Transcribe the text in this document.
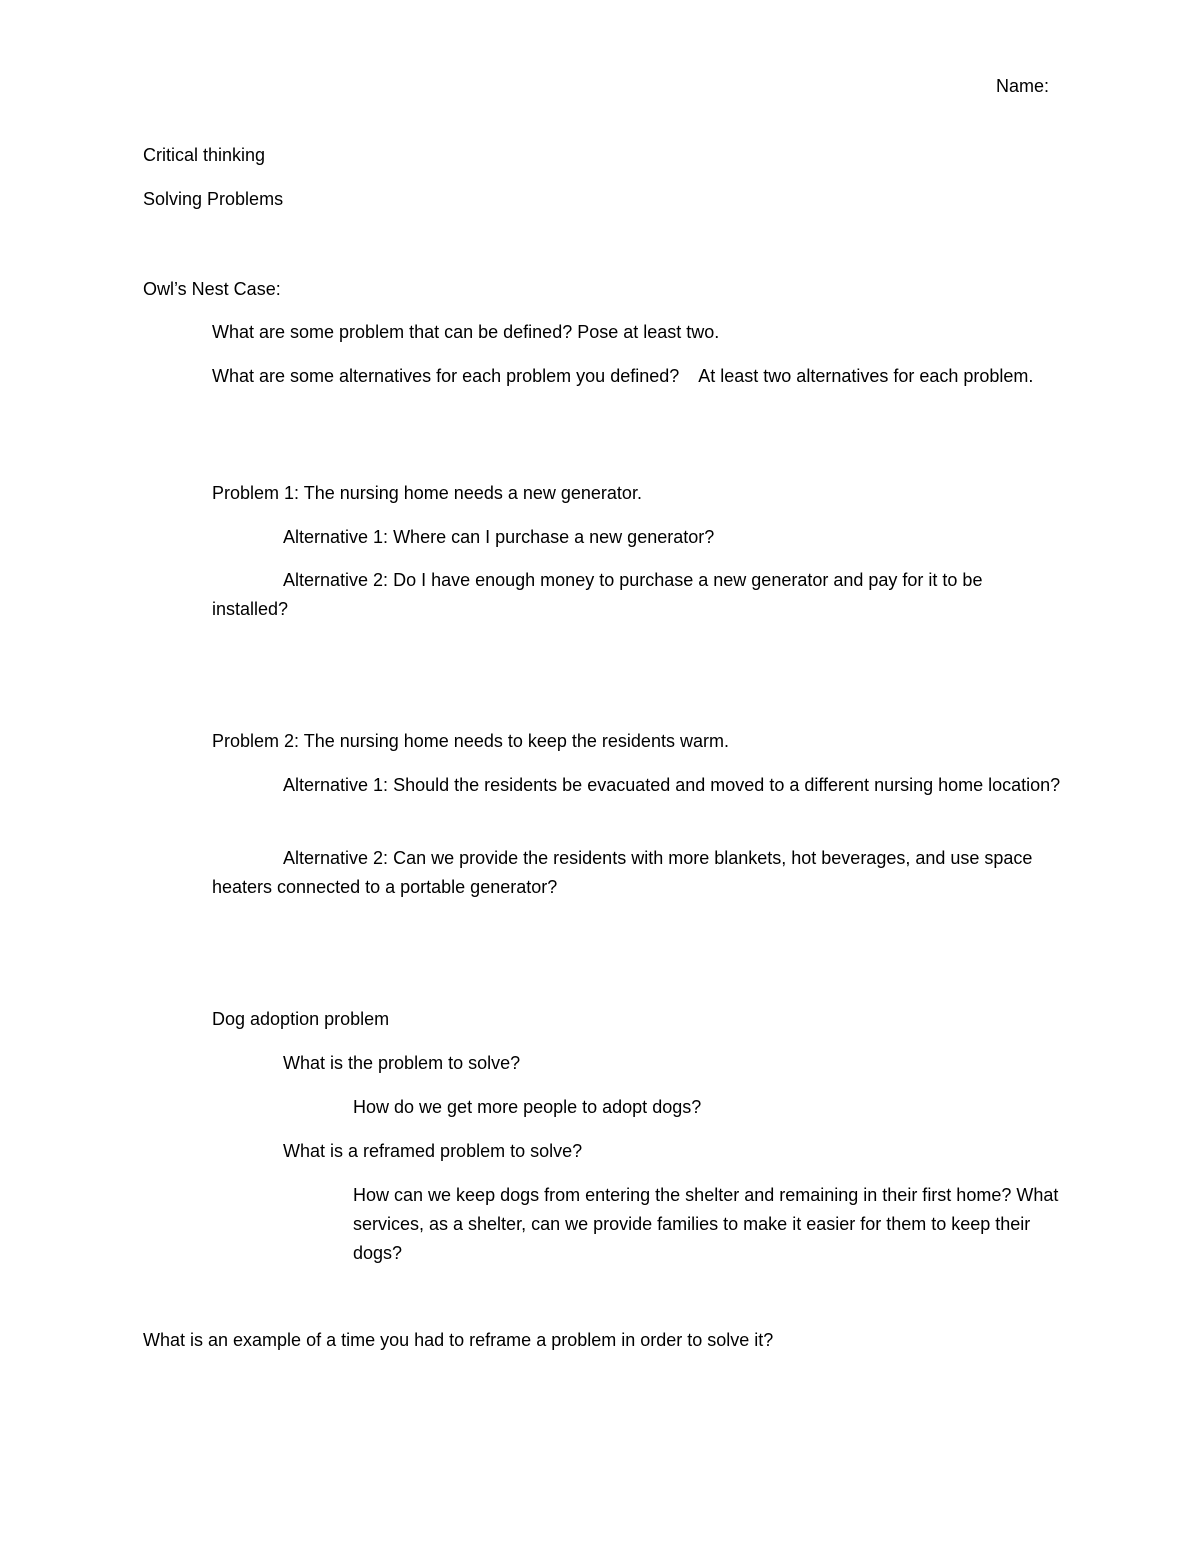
Name:

Critical thinking

Solving Problems

Owl’s Nest Case:

What are some problem that can be defined? Pose at least two.

What are some alternatives for each problem you defined?    At least two alternatives for each problem.

Problem 1: The nursing home needs a new generator.

Alternative 1: Where can I purchase a new generator?

Alternative 2: Do I have enough money to purchase a new generator and pay for it to be installed?

Problem 2: The nursing home needs to keep the residents warm.

Alternative 1: Should the residents be evacuated and moved to a different nursing home location?

Alternative 2: Can we provide the residents with more blankets, hot beverages, and use space heaters connected to a portable generator?

Dog adoption problem

What is the problem to solve?

How do we get more people to adopt dogs?

What is a reframed problem to solve?

How can we keep dogs from entering the shelter and remaining in their first home? What services, as a shelter, can we provide families to make it easier for them to keep their dogs?

What is an example of a time you had to reframe a problem in order to solve it?
